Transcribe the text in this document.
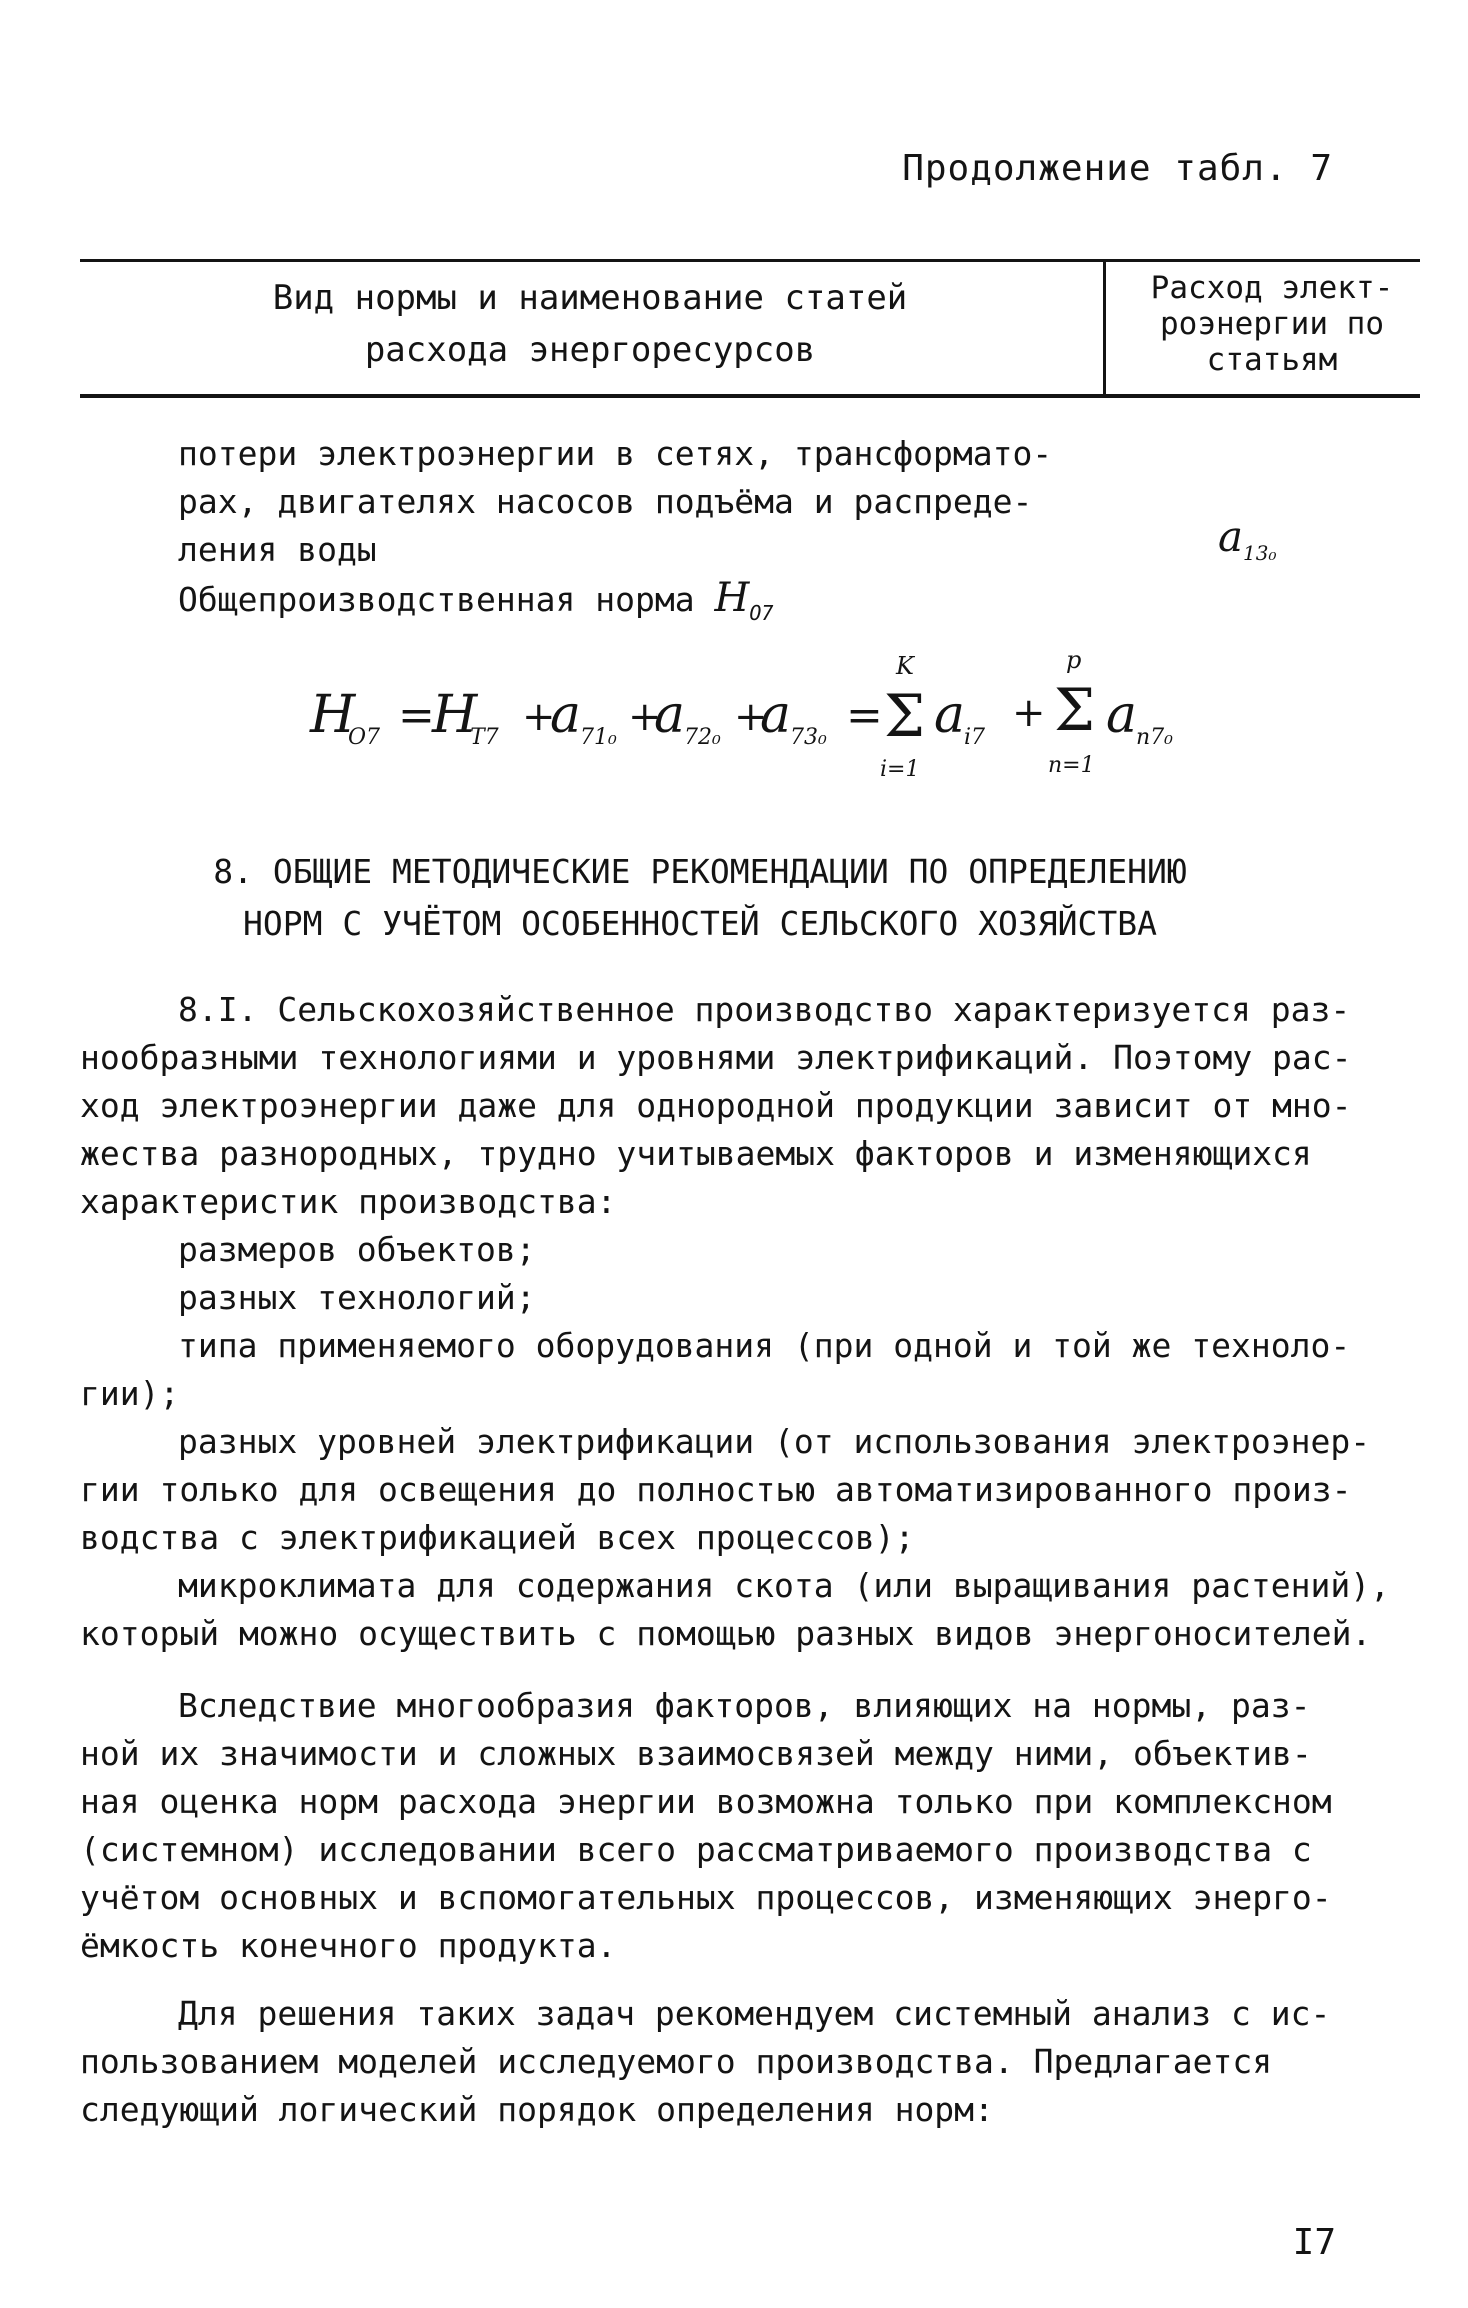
Продолжение табл. 7
Вид нормы и наименование статей
расхода энергоресурсов
Расход элект-
роэнергии по
статьям
потери электроэнергии в сетях, трансформато-
рах, двигателях насосов подъёма и распреде-
ления воды
Общепроизводственная норма $H_{O7}$
$a_{13_0}$
H
O7 =
H
T7 +
a
71₀ +
a
72₀ +
a
73₀ =
K
Σ
i=1
a
i7
+
p
Σ
n=1
a
n7₀
8. ОБЩИЕ МЕТОДИЧЕСКИЕ РЕКОМЕНДАЦИИ ПО ОПРЕДЕЛЕНИЮ
НОРМ С УЧЁТОМ ОСОБЕННОСТЕЙ СЕЛЬСКОГО ХОЗЯЙСТВА
8.I. Сельскохозяйственное производство характеризуется раз-
нообразными технологиями и уровнями электрификаций. Поэтому рас-
ход электроэнергии даже для однородной продукции зависит от мно-
жества разнородных, трудно учитываемых факторов и изменяющихся
характеристик производства:
размеров объектов;
разных технологий;
типа применяемого оборудования (при одной и той же техноло-
гии);
разных уровней электрификации (от использования электроэнер-
гии только для освещения до полностью автоматизированного произ-
водства с электрификацией всех процессов);
микроклимата для содержания скота (или выращивания растений),
который можно осуществить с помощью разных видов энергоносителей.
Вследствие многообразия факторов, влияющих на нормы, раз-
ной их значимости и сложных взаимосвязей между ними, объектив-
ная оценка норм расхода энергии возможна только при комплексном
(системном) исследовании всего рассматриваемого производства с
учётом основных и вспомогательных процессов, изменяющих энерго-
ёмкость конечного продукта.
Для решения таких задач рекомендуем системный анализ с ис-
пользованием моделей исследуемого производства. Предлагается
следующий логический порядок определения норм:
I7
